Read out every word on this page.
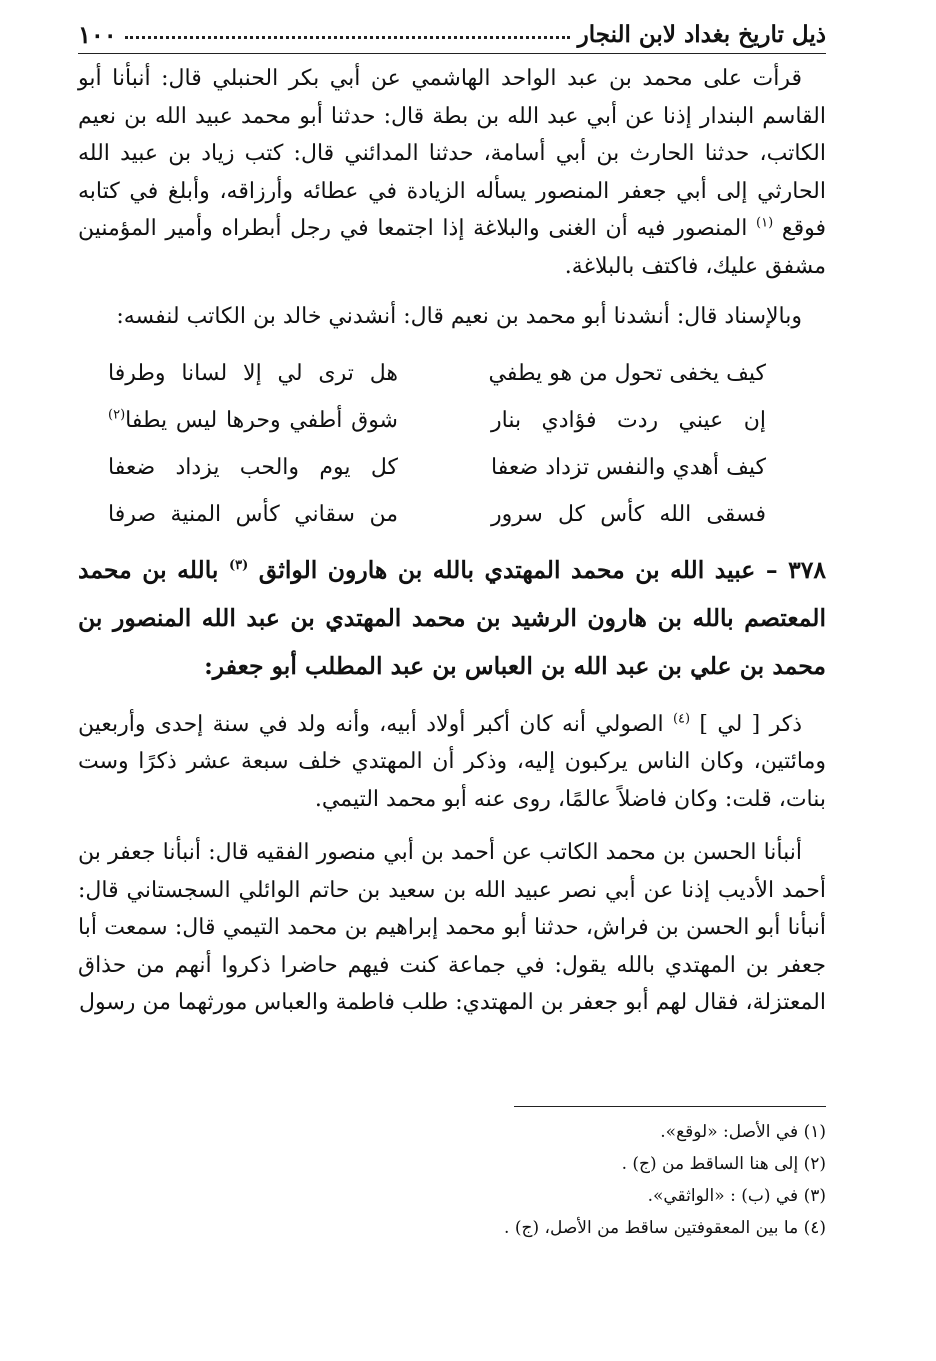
ذيل تاريخ بغداد لابن النجار
١٠٠

قرأت على محمد بن عبد الواحد الهاشمي عن أبي بكر الحنبلي قال: أنبأنا أبو القاسم البندار إذنا عن أبي عبد الله بن بطة قال: حدثنا أبو محمد عبيد الله بن نعيم الكاتب، حدثنا الحارث بن أبي أسامة، حدثنا المدائني قال: كتب زياد بن عبيد الله الحارثي إلى أبي جعفر المنصور يسأله الزيادة في عطائه وأرزاقه، وأبلغ في كتابه فوقع $^{(١)}$ المنصور فيه أن الغنى والبلاغة إذا اجتمعا في رجل أبطراه وأمير المؤمنين مشفق عليك، فاكتف بالبلاغة.

وبالإسناد قال: أنشدنا أبو محمد بن نعيم قال: أنشدني خالد بن الكاتب لنفسه:

كيف يخفى تحول من هو يطفي
هل ترى لي إلا لسانا وطرفا
إن عيني ردت فؤادي بنار
شوق أطفي وحرها ليس يطفا$^{(٢)}$
كيف أهدي والنفس تزداد ضعفا
كل يوم والحب يزداد ضعفا
فسقى الله كأس كل سرور
من سقاني كأس المنية صرفا

٣٧٨ – عبيد الله بن محمد المهتدي بالله بن هارون الواثق $^{(٣)}$ بالله بن محمد المعتصم بالله بن هارون الرشيد بن محمد المهتدي بن عبد الله المنصور بن محمد بن علي بن عبد الله بن العباس بن عبد المطلب أبو جعفر:

ذكر [ لي ] $^{(٤)}$ الصولي أنه كان أكبر أولاد أبيه، وأنه ولد في سنة إحدى وأربعين ومائتين، وكان الناس يركبون إليه، وذكر أن المهتدي خلف سبعة عشر ذكرًا وست بنات، قلت: وكان فاضلاً عالمًا، روى عنه أبو محمد التيمي.

أنبأنا الحسن بن محمد الكاتب عن أحمد بن أبي منصور الفقيه قال: أنبأنا جعفر بن أحمد الأديب إذنا عن أبي نصر عبيد الله بن سعيد بن حاتم الوائلي السجستاني قال: أنبأنا أبو الحسن بن فراش، حدثنا أبو محمد إبراهيم بن محمد التيمي قال: سمعت أبا جعفر بن المهتدي بالله يقول: في جماعة كنت فيهم حاضرا ذكروا أنهم من حذاق المعتزلة، فقال لهم أبو جعفر بن المهتدي: طلب فاطمة والعباس مورثهما من رسول

(١) في الأصل: «لوقع».
(٢) إلى هنا الساقط من (ج) .
(٣) في (ب) : «الواثقي».
(٤) ما بين المعقوفتين ساقط من الأصل، (ج) .
